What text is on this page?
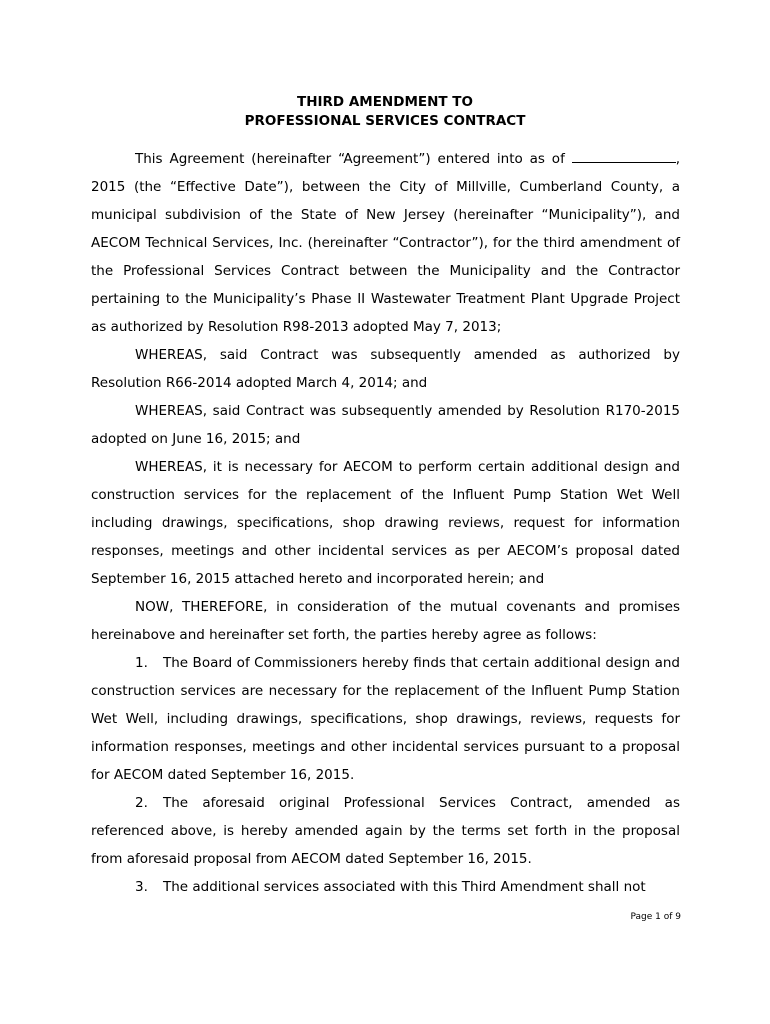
THIRD AMENDMENT TO
PROFESSIONAL SERVICES CONTRACT

This Agreement (hereinafter “Agreement”) entered into as of	, 2015 (the “Effective Date”), between the City of Millville, Cumberland County, a municipal subdivision of the State of New Jersey (hereinafter “Municipality”), and AECOM Technical Services, Inc. (hereinafter “Contractor”), for the third amendment of the Professional Services Contract between the Municipality and the Contractor pertaining to the Municipality’s Phase II Wastewater Treatment Plant Upgrade Project as authorized by Resolution R98-2013 adopted May 7, 2013;

WHEREAS, said Contract was subsequently amended as authorized by Resolution R66-2014 adopted March 4, 2014; and

WHEREAS, said Contract was subsequently amended by Resolution R170-2015 adopted on June 16, 2015; and

WHEREAS, it is necessary for AECOM to perform certain additional design and construction services for the replacement of the Influent Pump Station Wet Well including drawings, specifications, shop drawing reviews, request for information responses, meetings and other incidental services as per AECOM’s proposal dated September 16, 2015 attached hereto and incorporated herein; and

NOW, THEREFORE, in consideration of the mutual covenants and promises hereinabove and hereinafter set forth, the parties hereby agree as follows:

1. The Board of Commissioners hereby finds that certain additional design and construction services are necessary for the replacement of the Influent Pump Station Wet Well, including drawings, specifications, shop drawings, reviews, requests for information responses, meetings and other incidental services pursuant to a proposal for AECOM dated September 16, 2015.

2. The aforesaid original Professional Services Contract, amended as referenced above, is hereby amended again by the terms set forth in the proposal from aforesaid proposal from AECOM dated September 16, 2015.

3. The additional services associated with this Third Amendment shall not

Page 1 of 9
